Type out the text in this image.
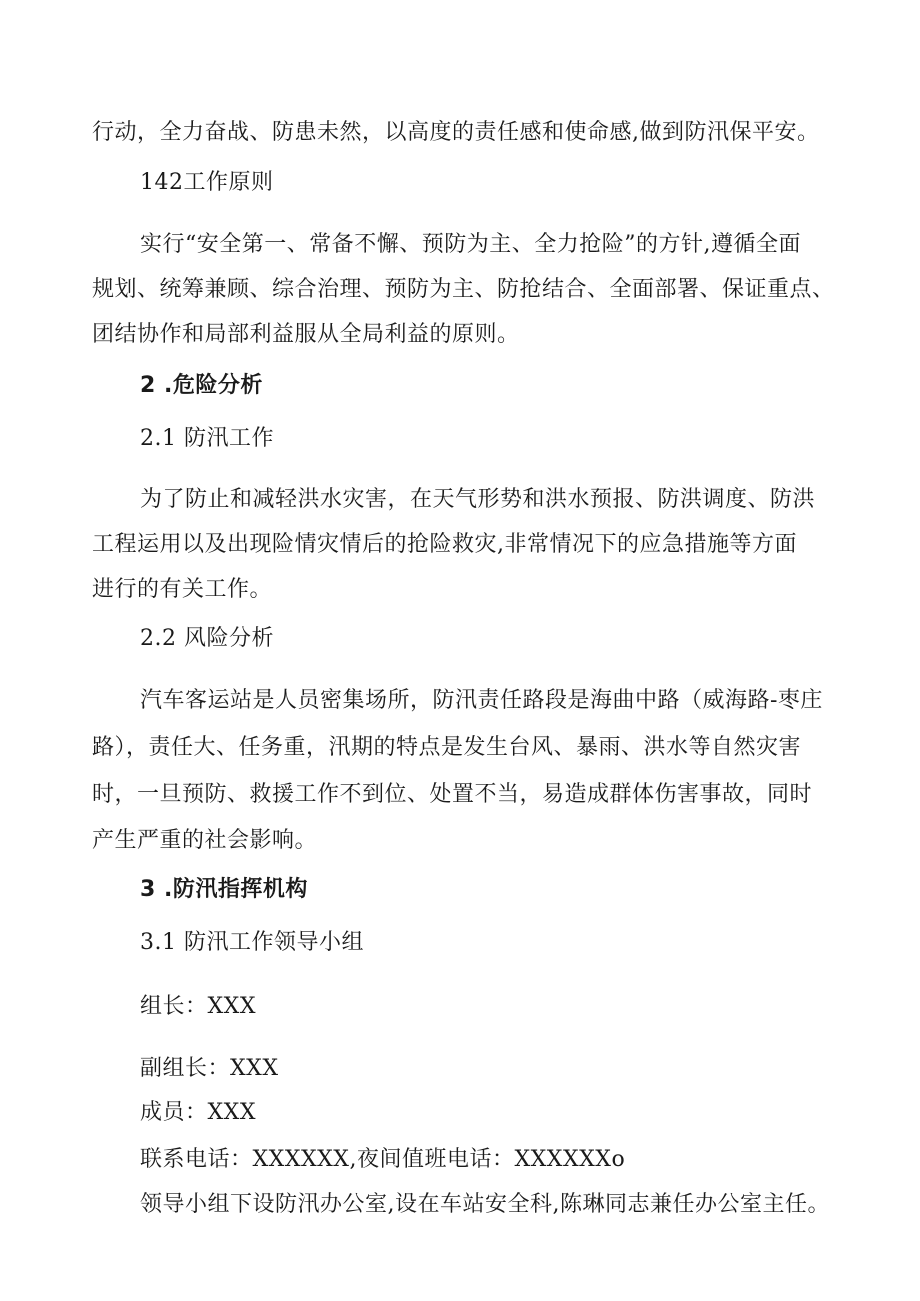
行动，全力奋战、防患未然，以高度的责任感和使命感,做到防汛保平安。
142工作原则
实行“安全第一、常备不懈、预防为主、全力抢险”的方针,遵循全面
规划、统筹兼顾、综合治理、预防为主、防抢结合、全面部署、保证重点、
团结协作和局部利益服从全局利益的原则。
2 .危险分析
2.1 防汛工作
为了防止和减轻洪水灾害，在天气形势和洪水预报、防洪调度、防洪
工程运用以及出现险情灾情后的抢险救灾,非常情况下的应急措施等方面
进行的有关工作。
2.2 风险分析
汽车客运站是人员密集场所，防汛责任路段是海曲中路（威海路-枣庄
路），责任大、任务重，汛期的特点是发生台风、暴雨、洪水等自然灾害
时，一旦预防、救援工作不到位、处置不当，易造成群体伤害事故，同时
产生严重的社会影响。
3 .防汛指挥机构
3.1 防汛工作领导小组
组长：XXX
副组长：XXX
成员：XXX
联系电话：XXXXXX,夜间值班电话：XXXXXXo
领导小组下设防汛办公室,设在车站安全科,陈琳同志兼任办公室主任。
